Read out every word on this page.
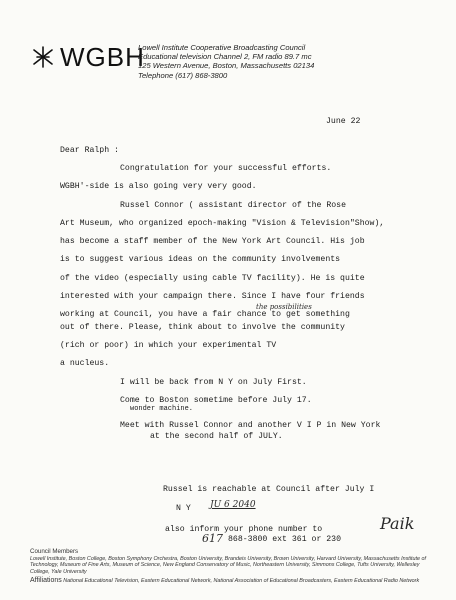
WGBH
Lowell Institute Cooperative Broadcasting Council
Educational television Channel 2, FM radio 89.7 mc
125 Western Avenue, Boston, Massachusetts 02134
Telephone (617) 868-3800
June 22
Dear Ralph :
Congratulation for your successful efforts.
WGBH'-side is also going very very good.
Russel Connor ( assistant director of the Rose
Art Museum, who organized epoch-making "Vision & Television"Show),
has become a staff member of the New York Art Council. His job
is to suggest various ideas on the community involvements
of the video (especially using cable TV facility). He is quite
interested with your campaign there. Since I have four friends
working at Council, you have a fair chance to get something
the possibilities
out of there. Please, think about to involve the community
(rich or poor) in which your experimental TV
a nucleus.
I will be back from N Y on July First.
Come to Boston sometime before July 17.
wonder machine.
Meet with Russel Connor and another V I P in New York
at the second half of JULY.
Russel is reachable at Council after July I
N Y JU 6 2040
also inform your phone number to
617 868-3800 ext 361 or 230
Paik
Council Members
Lowell Institute, Boston College, Boston Symphony Orchestra, Boston University, Brandeis University, Brown University, Harvard University, Massachusetts Institute of Technology, Museum of Fine Arts, Museum of Science, New England Conservatory of Music, Northeastern University, Simmons College, Tufts University, Wellesley College, Yale University
Affiliations National Educational Television, Eastern Educational Network, National Association of Educational Broadcasters, Eastern Educational Radio Network
